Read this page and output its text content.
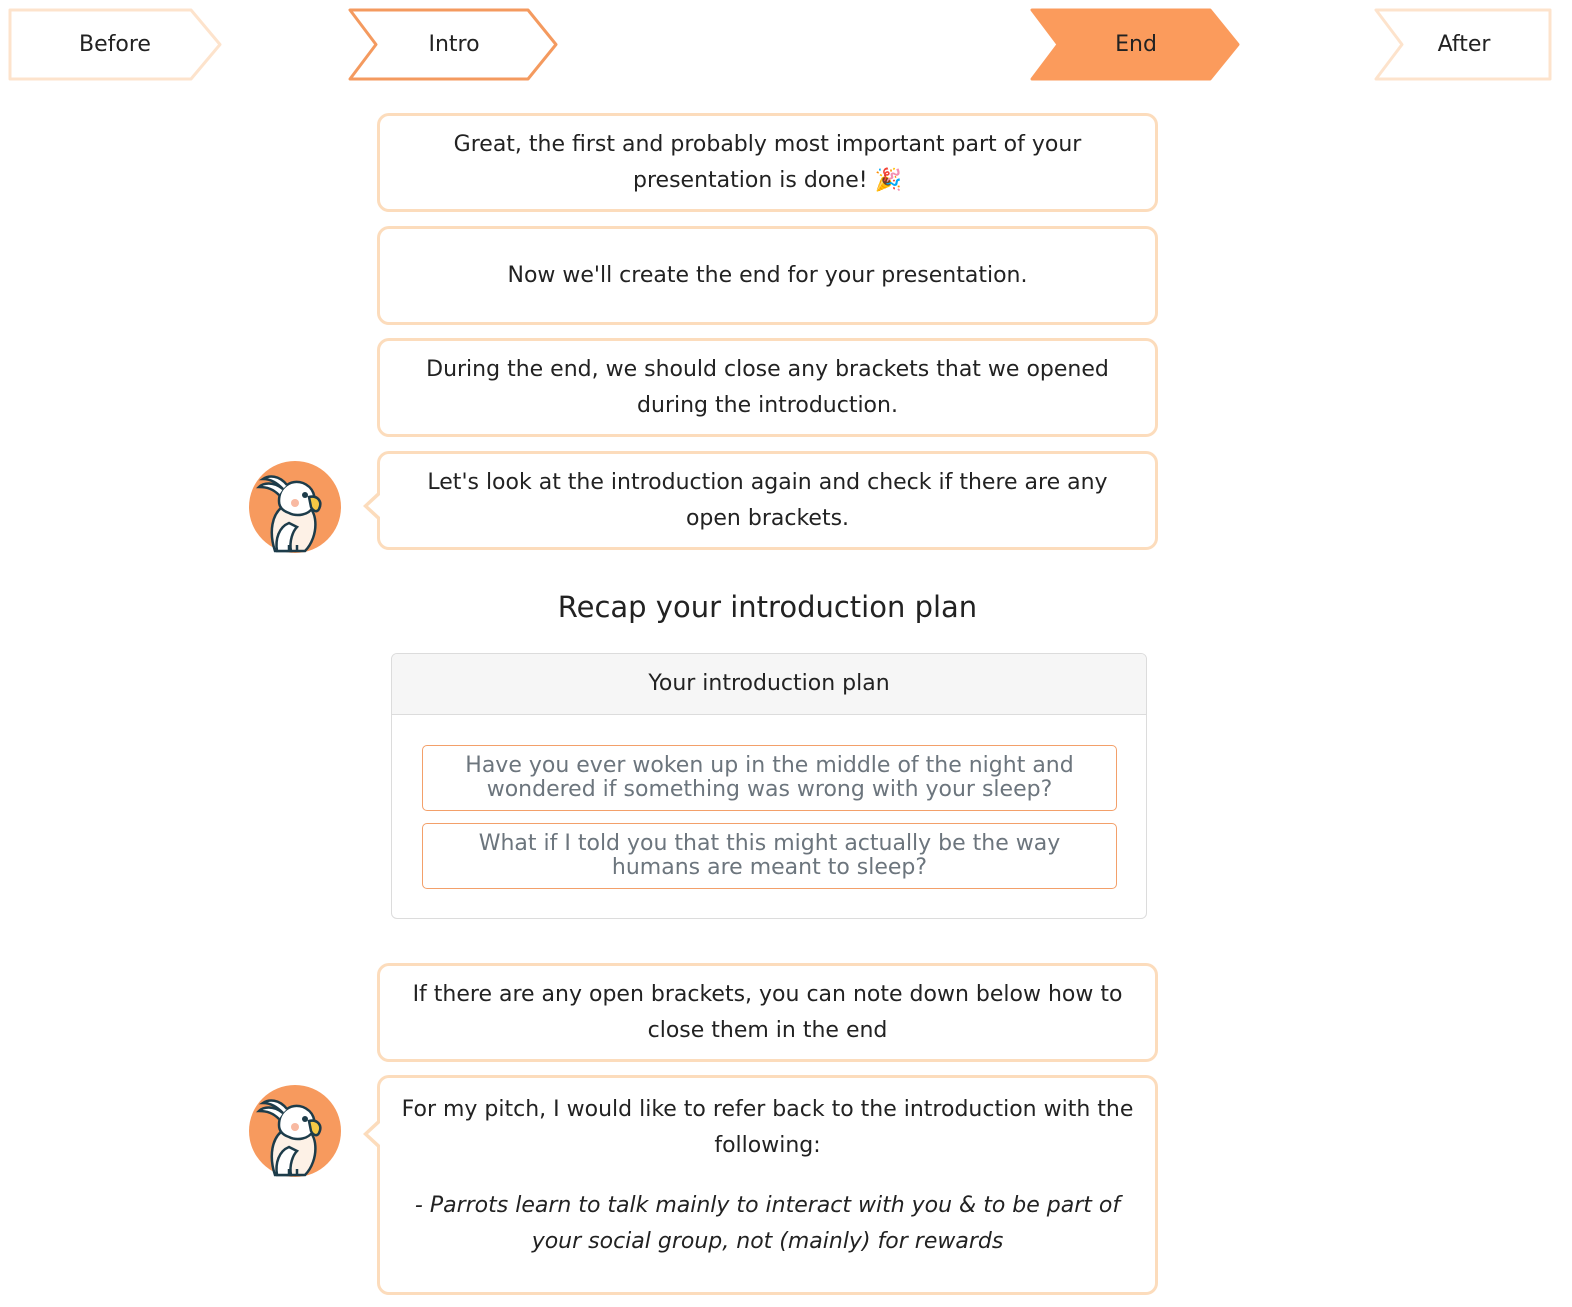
Before	Intro	End	After

Great, the first and probably most important part of your presentation is done! 🎉

Now we'll create the end for your presentation.

During the end, we should close any brackets that we opened during the introduction.

Let's look at the introduction again and check if there are any open brackets.

Recap your introduction plan
Your introduction plan
Have you ever woken up in the middle of the night and wondered if something was wrong with your sleep?
What if I told you that this might actually be the way humans are meant to sleep?

If there are any open brackets, you can note down below how to close them in the end

For my pitch, I would like to refer back to the introduction with the following:

- Parrots learn to talk mainly to interact with you & to be part of your social group, not (mainly) for rewards
